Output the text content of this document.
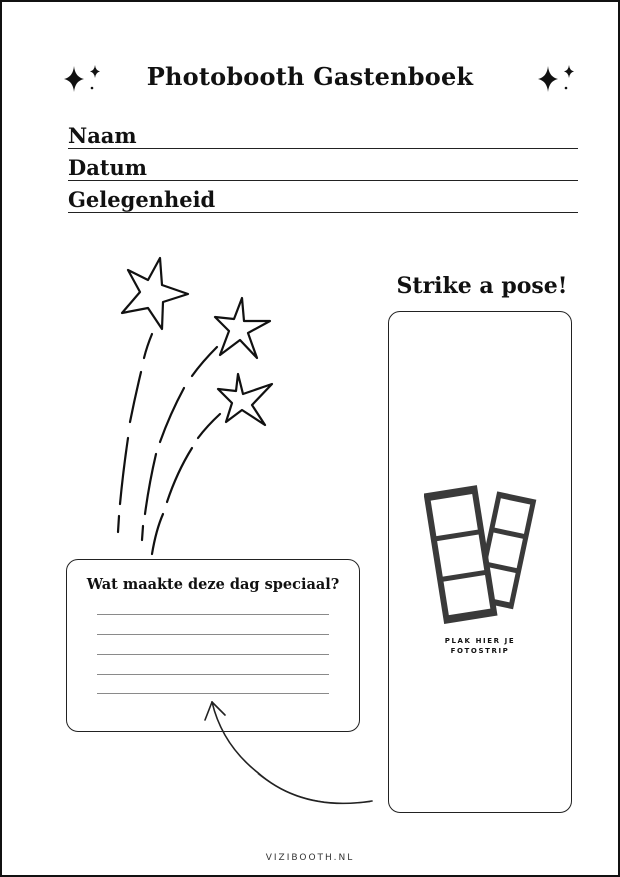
Photobooth Gastenboek
Naam
Datum
Gelegenheid
Strike a pose!
PLAK HIER JE
FOTOSTRIP
Wat maakte deze dag speciaal?
VIZIBOOTH.NL
